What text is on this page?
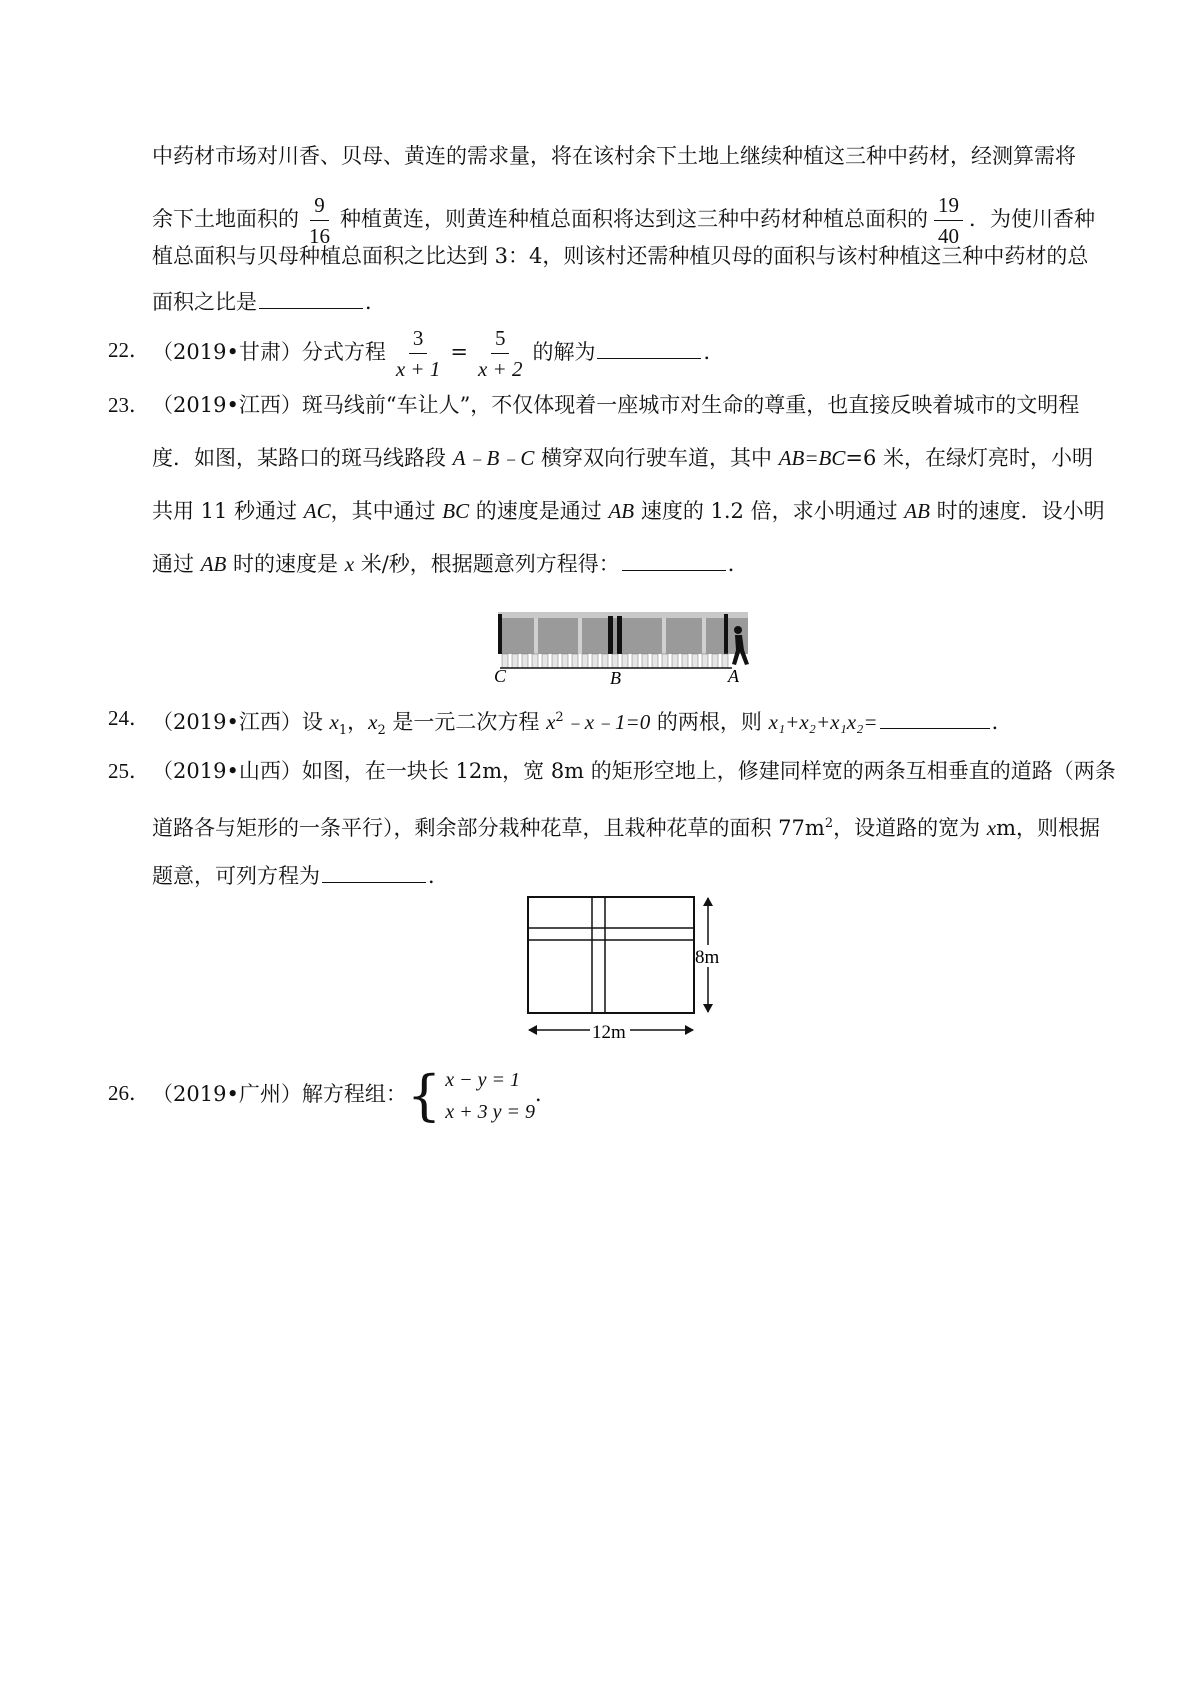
中药材市场对川香、贝母、黄连的需求量，将在该村余下土地上继续种植这三种中药材，经测算需将
余下土地面积的 $\frac{9}{16}$ 种植黄连，则黄连种植总面积将达到这三种中药材种植总面积的 $\frac{19}{40}$ ．为使川香种
植总面积与贝母种植总面积之比达到 3：4，则该村还需种植贝母的面积与该村种植这三种中药材的总
面积之比是	．
22． （2019•甘肃）分式方程 $\frac{3}{x + 1} = \frac{5}{x + 2}$ 的解为	．
23． （2019•江西）斑马线前“车让人”，不仅体现着一座城市对生命的尊重，也直接反映着城市的文明程
度．如图，某路口的斑马线路段 A﹣B﹣C 横穿双向行驶车道，其中 AB=BC=6 米，在绿灯亮时，小明
共用 11 秒通过 AC，其中通过 BC 的速度是通过 AB 速度的 1.2 倍，求小明通过 AB 时的速度．设小明
通过 AB 时的速度是 x 米/秒，根据题意列方程得：	．
C	B	A
24． （2019•江西）设 $x_1$，$x_2$ 是一元二次方程 $x^2﹣x﹣1=0$ 的两根，则 x₁+x₂+x₁x₂=	．
25． （2019•山西）如图，在一块长 12m，宽 8m 的矩形空地上，修建同样宽的两条互相垂直的道路（两条
道路各与矩形的一条平行），剩余部分栽种花草，且栽种花草的面积 $77m^2$，设道路的宽为 xm，则根据
题意，可列方程为	．
8m
12m
26． （2019•广州）解方程组： { x − y = 1
x + 3 y = 9
．
